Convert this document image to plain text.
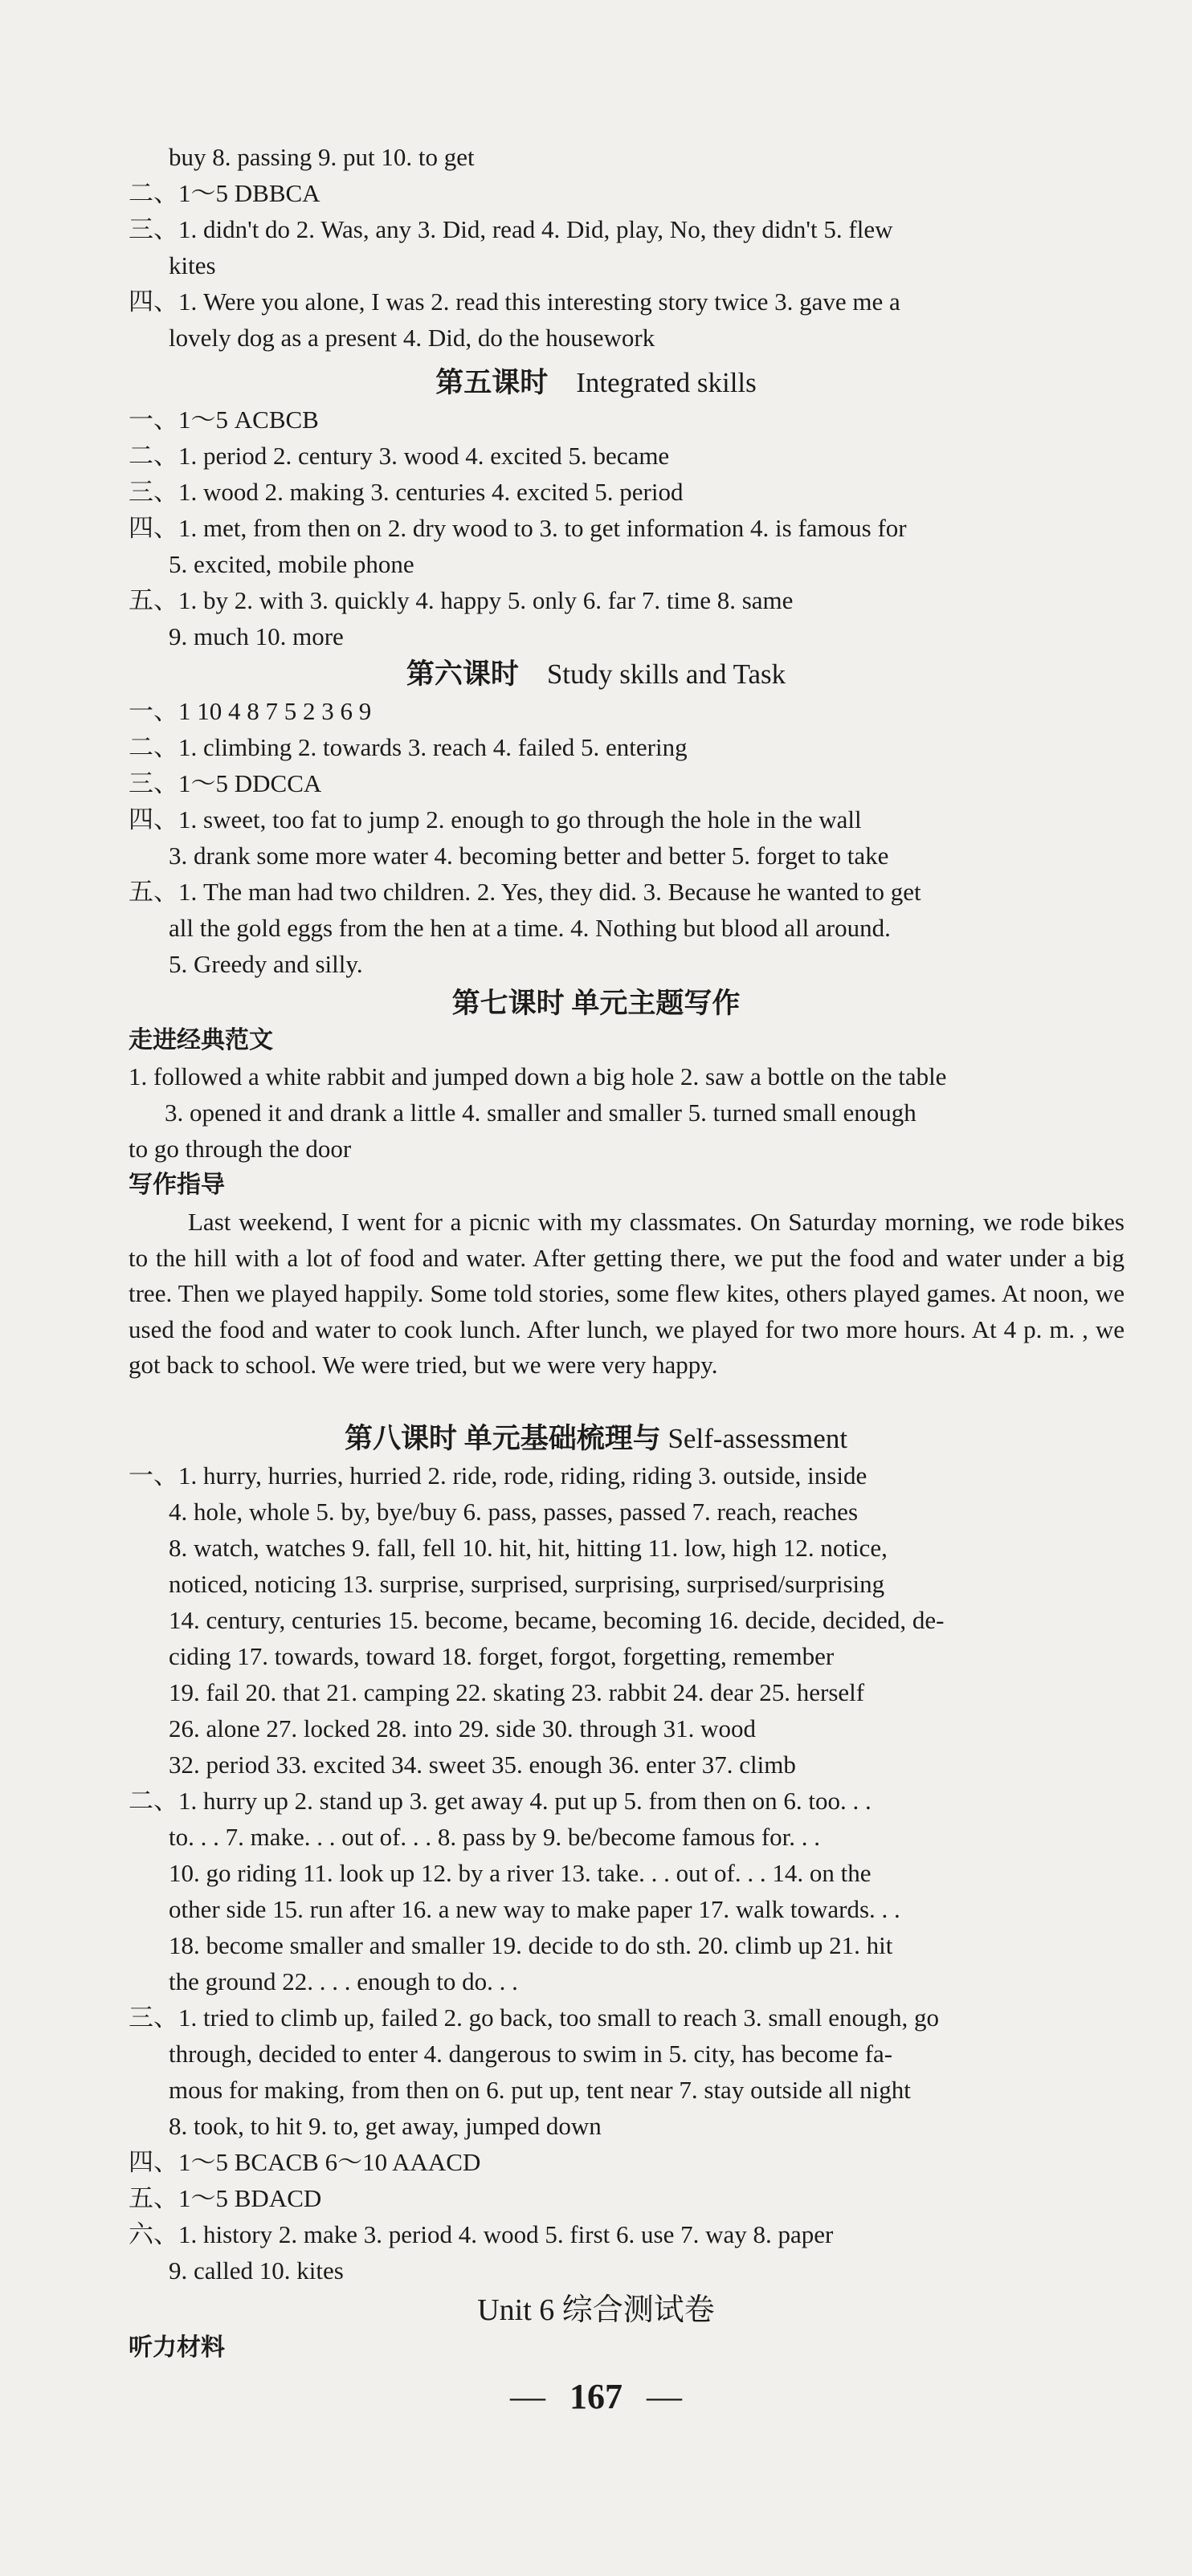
buy 8. passing 9. put 10. to get
二、1～5 DBBCA
三、1. didn't do 2. Was, any 3. Did, read 4. Did, play, No, they didn't 5. flew
kites
四、1. Were you alone, I was 2. read this interesting story twice 3. gave me a
lovely dog as a present 4. Did, do the housework
第五课时 Integrated skills
一、1～5 ACBCB
二、1. period 2. century 3. wood 4. excited 5. became
三、1. wood 2. making 3. centuries 4. excited 5. period
四、1. met, from then on 2. dry wood to 3. to get information 4. is famous for
5. excited, mobile phone
五、1. by 2. with 3. quickly 4. happy 5. only 6. far 7. time 8. same
9. much 10. more
第六课时 Study skills and Task
一、1 10 4 8 7 5 2 3 6 9
二、1. climbing 2. towards 3. reach 4. failed 5. entering
三、1～5 DDCCA
四、1. sweet, too fat to jump 2. enough to go through the hole in the wall
3. drank some more water 4. becoming better and better 5. forget to take
五、1. The man had two children. 2. Yes, they did. 3. Because he wanted to get
all the gold eggs from the hen at a time. 4. Nothing but blood all around.
5. Greedy and silly.
第七课时 单元主题写作
走进经典范文
1. followed a white rabbit and jumped down a big hole 2. saw a bottle on the table
3. opened it and drank a little 4. smaller and smaller 5. turned small enough
to go through the door
写作指导

Last weekend, I went for a picnic with my classmates. On Saturday morning, we rode bikes to the hill with a lot of food and water. After getting there, we put the food and water under a big tree. Then we played happily. Some told stories, some flew kites, others played games. At noon, we used the food and water to cook lunch. After lunch, we played for two more hours. At 4 p. m. , we got back to school. We were tried, but we were very happy.

第八课时 单元基础梳理与 Self-assessment
一、1. hurry, hurries, hurried 2. ride, rode, riding, riding 3. outside, inside
4. hole, whole 5. by, bye/buy 6. pass, passes, passed 7. reach, reaches
8. watch, watches 9. fall, fell 10. hit, hit, hitting 11. low, high 12. notice,
noticed, noticing 13. surprise, surprised, surprising, surprised/surprising
14. century, centuries 15. become, became, becoming 16. decide, decided, de-
ciding 17. towards, toward 18. forget, forgot, forgetting, remember
19. fail 20. that 21. camping 22. skating 23. rabbit 24. dear 25. herself
26. alone 27. locked 28. into 29. side 30. through 31. wood
32. period 33. excited 34. sweet 35. enough 36. enter 37. climb
二、1. hurry up 2. stand up 3. get away 4. put up 5. from then on 6. too. . .
to. . . 7. make. . . out of. . . 8. pass by 9. be/become famous for. . .
10. go riding 11. look up 12. by a river 13. take. . . out of. . . 14. on the
other side 15. run after 16. a new way to make paper 17. walk towards. . .
18. become smaller and smaller 19. decide to do sth. 20. climb up 21. hit
the ground 22. . . . enough to do. . .
三、1. tried to climb up, failed 2. go back, too small to reach 3. small enough, go
through, decided to enter 4. dangerous to swim in 5. city, has become fa-
mous for making, from then on 6. put up, tent near 7. stay outside all night
8. took, to hit 9. to, get away, jumped down
四、1～5 BCACB 6～10 AAACD
五、1～5 BDACD
六、1. history 2. make 3. period 4. wood 5. first 6. use 7. way 8. paper
9. called 10. kites
Unit 6 综合测试卷
听力材料
— 167 —
